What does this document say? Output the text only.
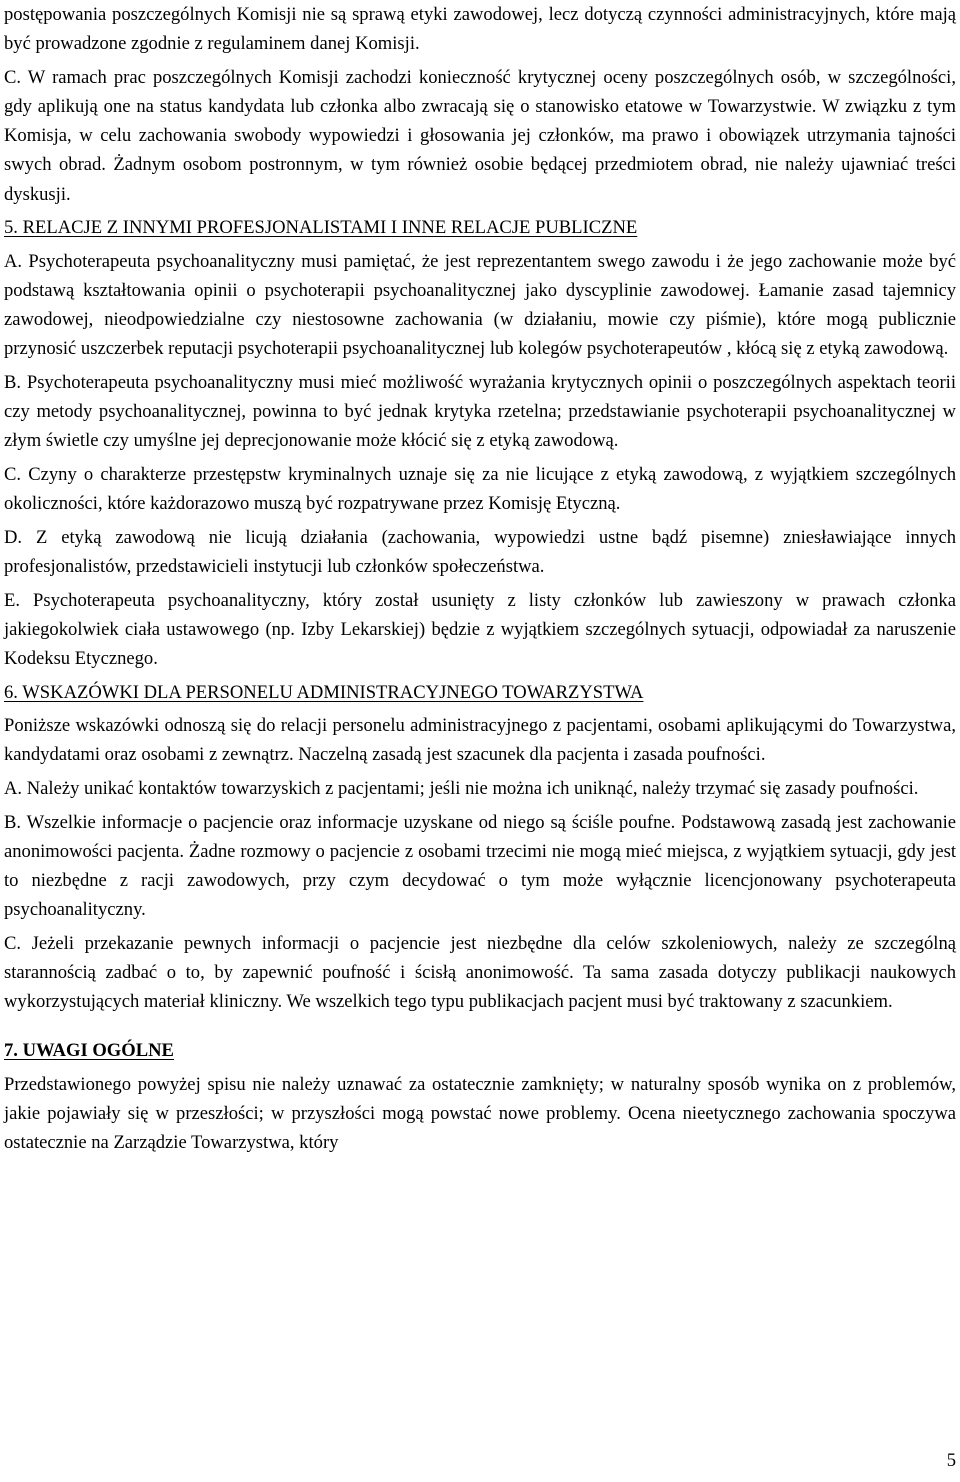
postępowania poszczególnych Komisji nie są sprawą etyki zawodowej, lecz dotyczą czynności administracyjnych, które mają być prowadzone zgodnie z regulaminem danej Komisji.

C. W ramach prac poszczególnych Komisji zachodzi konieczność krytycznej oceny poszczególnych osób, w szczególności, gdy aplikują one na status kandydata lub członka albo zwracają się o stanowisko etatowe w Towarzystwie. W związku z tym Komisja, w celu zachowania swobody wypowiedzi i głosowania jej członków, ma prawo i obowiązek utrzymania tajności swych obrad. Żadnym osobom postronnym, w tym również osobie będącej przedmiotem obrad, nie należy ujawniać treści dyskusji.

5. RELACJE Z INNYMI PROFESJONALISTAMI I INNE RELACJE PUBLICZNE

A. Psychoterapeuta psychoanalityczny musi pamiętać, że jest reprezentantem swego zawodu i że jego zachowanie może być podstawą kształtowania opinii o psychoterapii psychoanalitycznej jako dyscyplinie zawodowej. Łamanie zasad tajemnicy zawodowej, nieodpowiedzialne czy niestosowne zachowania (w działaniu, mowie czy piśmie), które mogą publicznie przynosić uszczerbek reputacji psychoterapii psychoanalitycznej lub kolegów psychoterapeutów , kłócą się z etyką zawodową.

B. Psychoterapeuta psychoanalityczny musi mieć możliwość wyrażania krytycznych opinii o poszczególnych aspektach teorii czy metody psychoanalitycznej, powinna to być jednak krytyka rzetelna; przedstawianie psychoterapii psychoanalitycznej w złym świetle czy umyślne jej deprecjonowanie może kłócić się z etyką zawodową.

C. Czyny o charakterze przestępstw kryminalnych uznaje się za nie licujące z etyką zawodową, z wyjątkiem szczególnych okoliczności, które każdorazowo muszą być rozpatrywane przez Komisję Etyczną.

D. Z etyką zawodową nie licują działania (zachowania, wypowiedzi ustne bądź pisemne) zniesławiające innych profesjonalistów, przedstawicieli instytucji lub członków społeczeństwa.

E. Psychoterapeuta psychoanalityczny, który został usunięty z listy członków lub zawieszony w prawach członka jakiegokolwiek ciała ustawowego (np. Izby Lekarskiej) będzie z wyjątkiem szczególnych sytuacji, odpowiadał za naruszenie Kodeksu Etycznego.

6. WSKAZÓWKI DLA PERSONELU ADMINISTRACYJNEGO TOWARZYSTWA

Poniższe wskazówki odnoszą się do relacji personelu administracyjnego z pacjentami, osobami aplikującymi do Towarzystwa, kandydatami oraz osobami z zewnątrz. Naczelną zasadą jest szacunek dla pacjenta i zasada poufności.

A. Należy unikać kontaktów towarzyskich z pacjentami; jeśli nie można ich uniknąć, należy trzymać się zasady poufności.

B. Wszelkie informacje o pacjencie oraz informacje uzyskane od niego są ściśle poufne. Podstawową zasadą jest zachowanie anonimowości pacjenta. Żadne rozmowy o pacjencie z osobami trzecimi nie mogą mieć miejsca, z wyjątkiem sytuacji, gdy jest to niezbędne z racji zawodowych, przy czym decydować o tym może wyłącznie licencjonowany psychoterapeuta psychoanalityczny.

C. Jeżeli przekazanie pewnych informacji o pacjencie jest niezbędne dla celów szkoleniowych, należy ze szczególną starannością zadbać o to, by zapewnić poufność i ścisłą anonimowość. Ta sama zasada dotyczy publikacji naukowych wykorzystujących materiał kliniczny. We wszelkich tego typu publikacjach pacjent musi być traktowany z szacunkiem.

7. UWAGI OGÓLNE

Przedstawionego powyżej spisu nie należy uznawać za ostatecznie zamknięty; w naturalny sposób wynika on z problemów, jakie pojawiały się w przeszłości; w przyszłości mogą powstać nowe problemy. Ocena nieetycznego zachowania spoczywa ostatecznie na Zarządzie Towarzystwa, który

5
